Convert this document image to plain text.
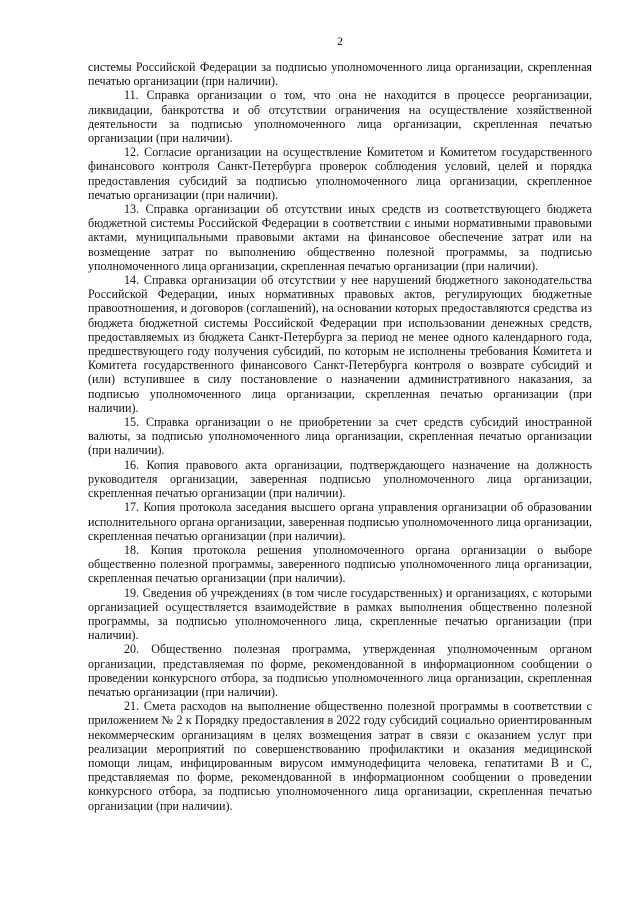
2

системы Российской Федерации за подписью уполномоченного лица организации, скрепленная печатью организации (при наличии).

11. Справка организации о том, что она не находится в процессе реорганизации, ликвидации, банкротства и об отсутствии ограничения на осуществление хозяйственной деятельности за подписью уполномоченного лица организации, скрепленная печатью организации (при наличии).

12. Согласие организации на осуществление Комитетом и Комитетом государственного финансового контроля Санкт-Петербурга проверок соблюдения условий, целей и порядка предоставления субсидий за подписью уполномоченного лица организации, скрепленное печатью организации (при наличии).

13. Справка организации об отсутствии иных средств из соответствующего бюджета бюджетной системы Российской Федерации в соответствии с иными нормативными правовыми актами, муниципальными правовыми актами на финансовое обеспечение затрат или на возмещение затрат по выполнению общественно полезной программы, за подписью уполномоченного лица организации, скрепленная печатью организации (при наличии).

14. Справка организации об отсутствии у нее нарушений бюджетного законодательства Российской Федерации, иных нормативных правовых актов, регулирующих бюджетные правоотношения, и договоров (соглашений), на основании которых предоставляются средства из бюджета бюджетной системы Российской Федерации при использовании денежных средств, предоставляемых из бюджета Санкт-Петербурга за период не менее одного календарного года, предшествующего году получения субсидий, по которым не исполнены требования Комитета и Комитета государственного финансового Санкт-Петербурга контроля о возврате субсидий и (или) вступившее в силу постановление о назначении административного наказания, за подписью уполномоченного лица организации, скрепленная печатью организации (при наличии).

15. Справка организации о не приобретении за счет средств субсидий иностранной валюты, за подписью уполномоченного лица организации, скрепленная печатью организации (при наличии).

16. Копия правового акта организации, подтверждающего назначение на должность руководителя организации, заверенная подписью уполномоченного лица организации, скрепленная печатью организации (при наличии).

17. Копия протокола заседания высшего органа управления организации об образовании исполнительного органа организации, заверенная подписью уполномоченного лица организации, скрепленная печатью организации (при наличии).

18. Копия протокола решения уполномоченного органа организации о выборе общественно полезной программы, заверенного подписью уполномоченного лица организации, скрепленная печатью организации (при наличии).

19. Сведения об учреждениях (в том числе государственных) и организациях, с которыми организацией осуществляется взаимодействие в рамках выполнения общественно полезной программы, за подписью уполномоченного лица, скрепленные печатью организации (при наличии).

20. Общественно полезная программа, утвержденная уполномоченным органом организации, представляемая по форме, рекомендованной в информационном сообщении о проведении конкурсного отбора, за подписью уполномоченного лица организации, скрепленная печатью организации (при наличии).

21. Смета расходов на выполнение общественно полезной программы в соответствии с приложением № 2 к Порядку предоставления в 2022 году субсидий социально ориентированным некоммерческим организациям в целях возмещения затрат в связи с оказанием услуг при реализации мероприятий по совершенствованию профилактики и оказания медицинской помощи лицам, инфицированным вирусом иммунодефицита человека, гепатитами В и С, представляемая по форме, рекомендованной в информационном сообщении о проведении конкурсного отбора, за подписью уполномоченного лица организации, скрепленная печатью организации (при наличии).
